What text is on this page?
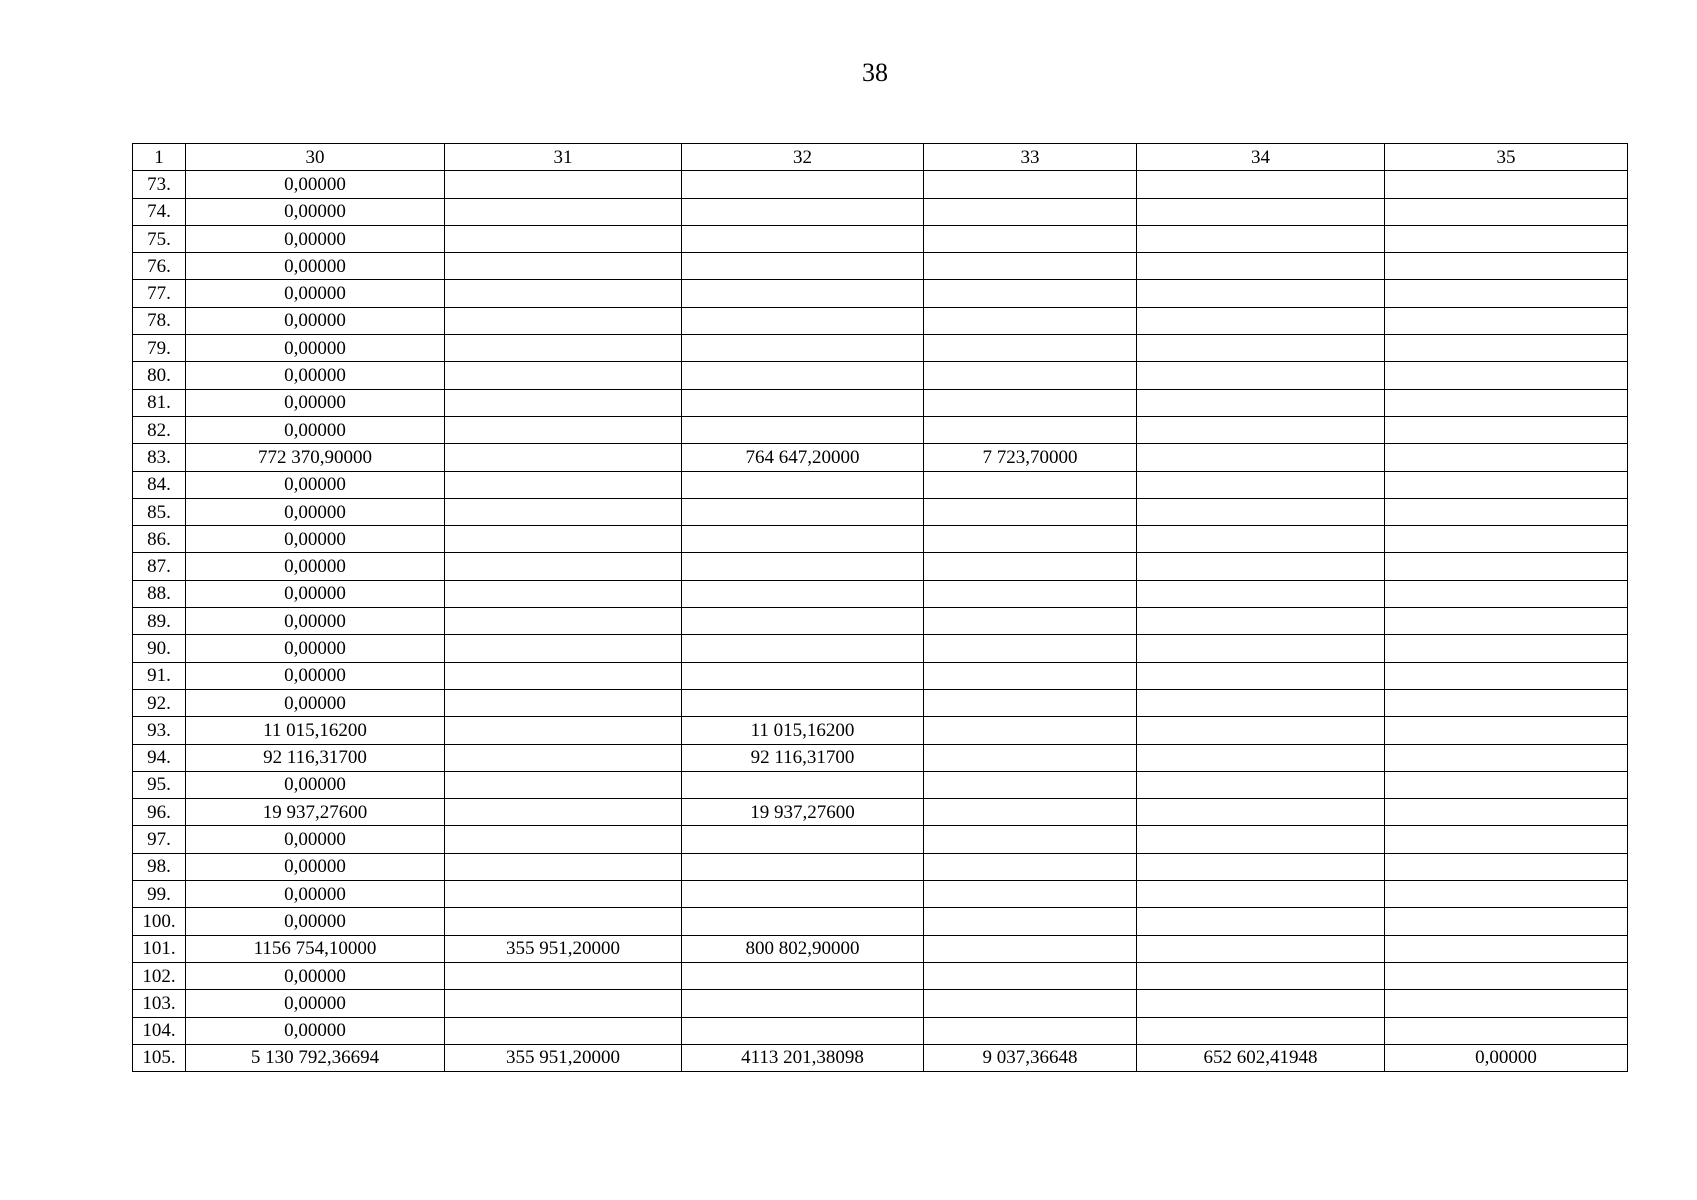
38
1	30	31	32	33	34	35
73.	0,00000					
74.	0,00000					
75.	0,00000					
76.	0,00000					
77.	0,00000					
78.	0,00000					
79.	0,00000					
80.	0,00000					
81.	0,00000					
82.	0,00000					
83.	772 370,90000		764 647,20000	7 723,70000		
84.	0,00000					
85.	0,00000					
86.	0,00000					
87.	0,00000					
88.	0,00000					
89.	0,00000					
90.	0,00000					
91.	0,00000					
92.	0,00000					
93.	11 015,16200		11 015,16200			
94.	92 116,31700		92 116,31700			
95.	0,00000					
96.	19 937,27600		19 937,27600			
97.	0,00000					
98.	0,00000					
99.	0,00000					
100.	0,00000					
101.	1156 754,10000	355 951,20000	800 802,90000			
102.	0,00000					
103.	0,00000					
104.	0,00000					
105.	5 130 792,36694	355 951,20000	4113 201,38098	9 037,36648	652 602,41948	0,00000
